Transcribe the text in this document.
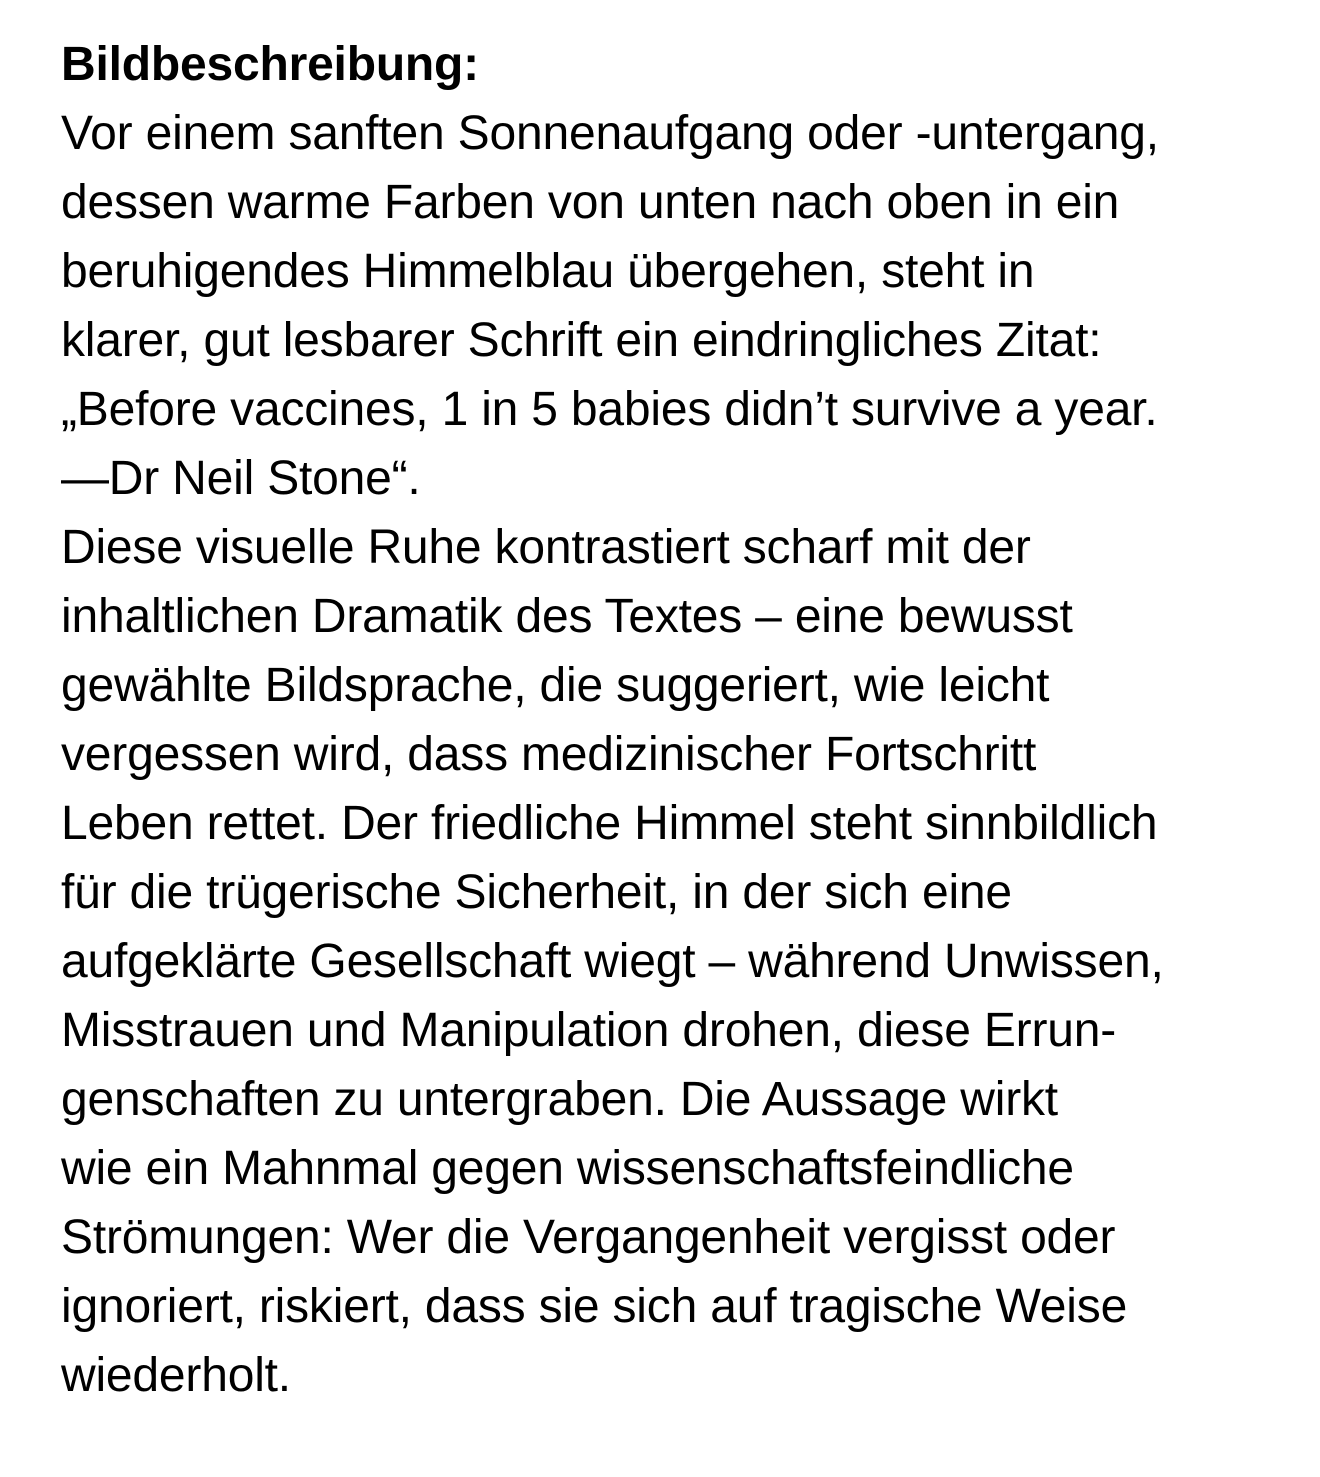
Bildbeschreibung:
Vor einem sanften Sonnenaufgang oder -untergang,
dessen warme Farben von unten nach oben in ein
beruhigendes Himmelblau übergehen, steht in
klarer, gut lesbarer Schrift ein eindringliches Zitat:
„Before vaccines, 1 in 5 babies didn’t survive a year.
—Dr Neil Stone“.
Diese visuelle Ruhe kontrastiert scharf mit der
inhaltlichen Dramatik des Textes – eine bewusst
gewählte Bildsprache, die suggeriert, wie leicht
vergessen wird, dass medizinischer Fortschritt
Leben rettet. Der friedliche Himmel steht sinnbildlich
für die trügerische Sicherheit, in der sich eine
aufgeklärte Gesellschaft wiegt – während Unwissen,
Misstrauen und Manipulation drohen, diese Errun-
genschaften zu untergraben. Die Aussage wirkt
wie ein Mahnmal gegen wissenschaftsfeindliche
Strömungen: Wer die Vergangenheit vergisst oder
ignoriert, riskiert, dass sie sich auf tragische Weise
wiederholt.
